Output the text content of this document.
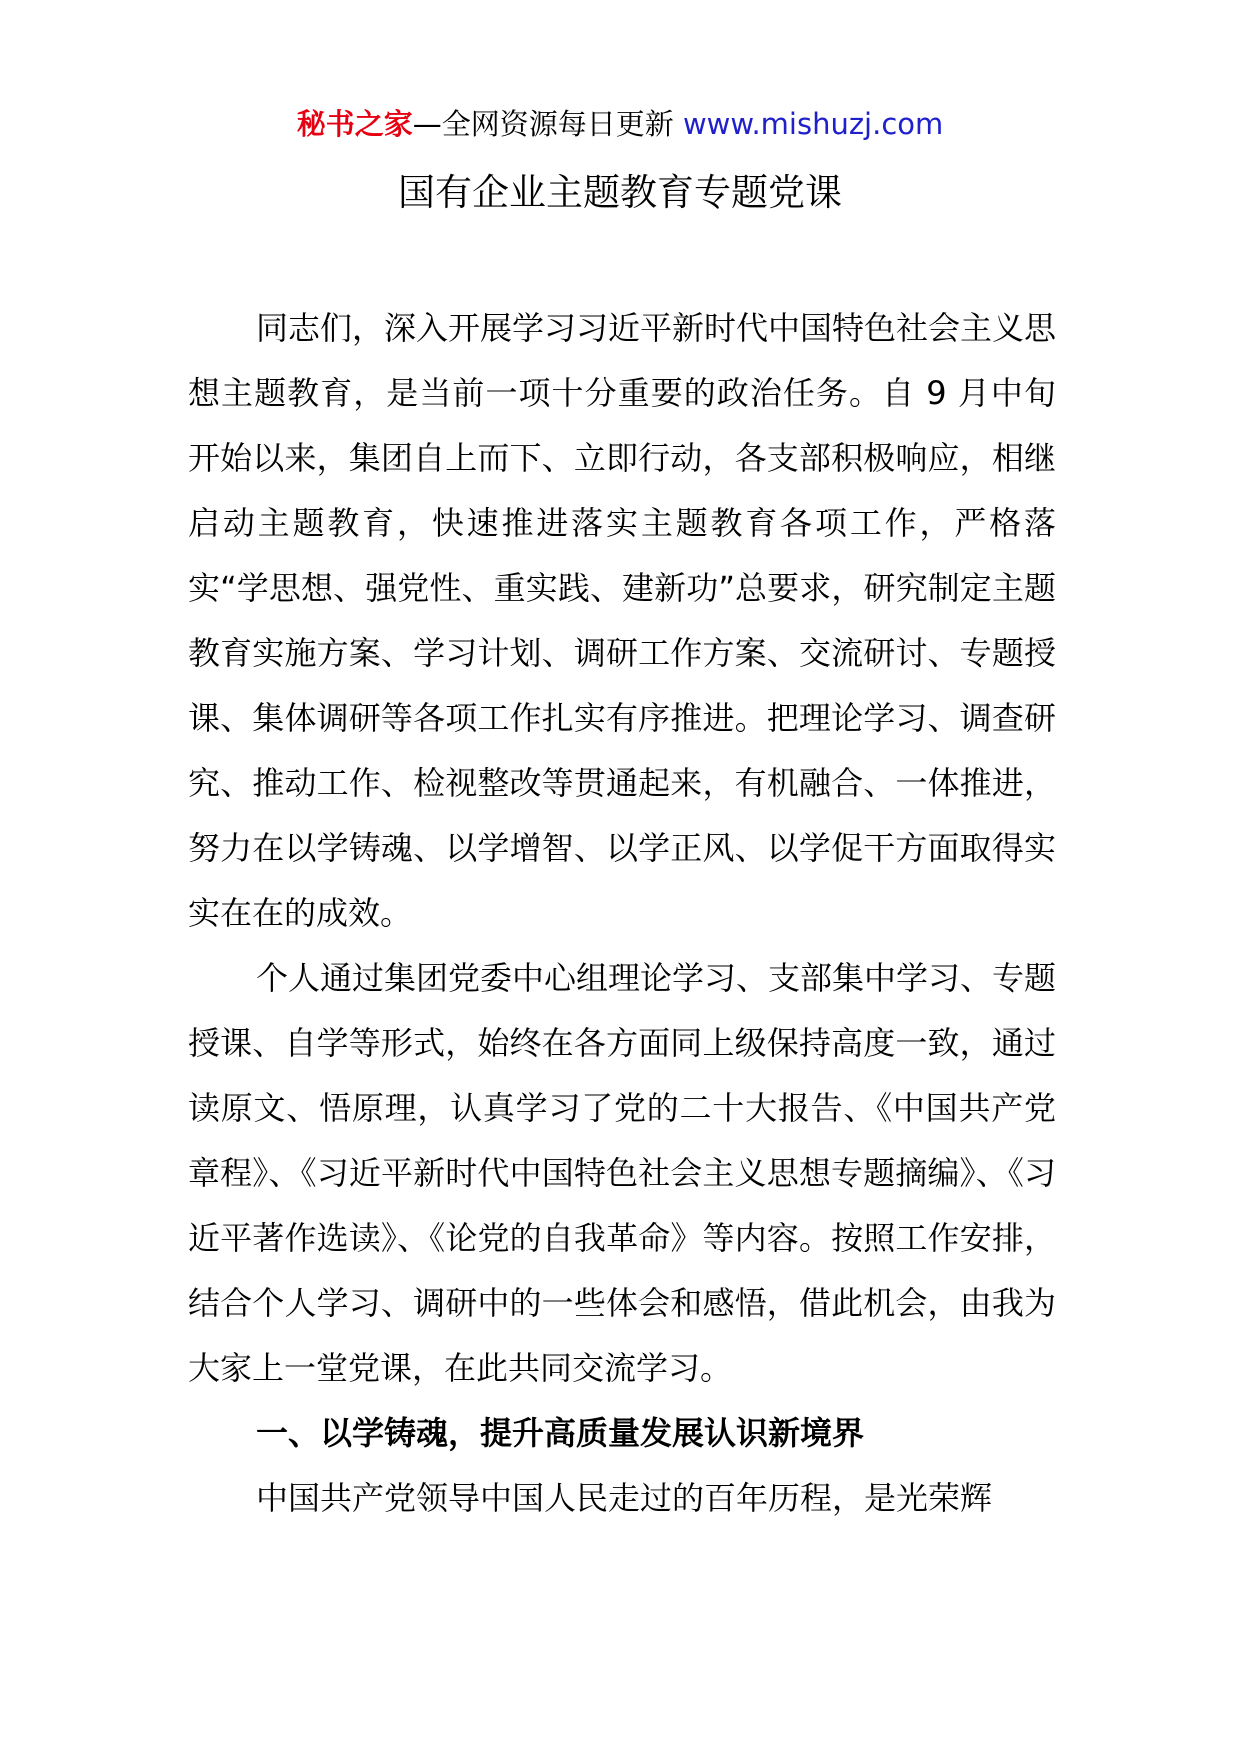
秘书之家—全网资源每日更新 www.mishuzj.com
国有企业主题教育专题党课

同志们，深入开展学习习近平新时代中国特色社会主义思想主题教育，是当前一项十分重要的政治任务。自 9 月中旬开始以来，集团自上而下、立即行动，各支部积极响应，相继启动主题教育，快速推进落实主题教育各项工作，严格落实“学思想、强党性、重实践、建新功”总要求，研究制定主题教育实施方案、学习计划、调研工作方案、交流研讨、专题授课、集体调研等各项工作扎实有序推进。把理论学习、调查研究、推动工作、检视整改等贯通起来，有机融合、一体推进，努力在以学铸魂、以学增智、以学正风、以学促干方面取得实实在在的成效。

个人通过集团党委中心组理论学习、支部集中学习、专题授课、自学等形式，始终在各方面同上级保持高度一致，通过读原文、悟原理，认真学习了党的二十大报告、《中国共产党章程》、《习近平新时代中国特色社会主义思想专题摘编》、《习近平著作选读》、《论党的自我革命》等内容。按照工作安排，结合个人学习、调研中的一些体会和感悟，借此机会，由我为大家上一堂党课，在此共同交流学习。

一、以学铸魂，提升高质量发展认识新境界

中国共产党领导中国人民走过的百年历程，是光荣辉
